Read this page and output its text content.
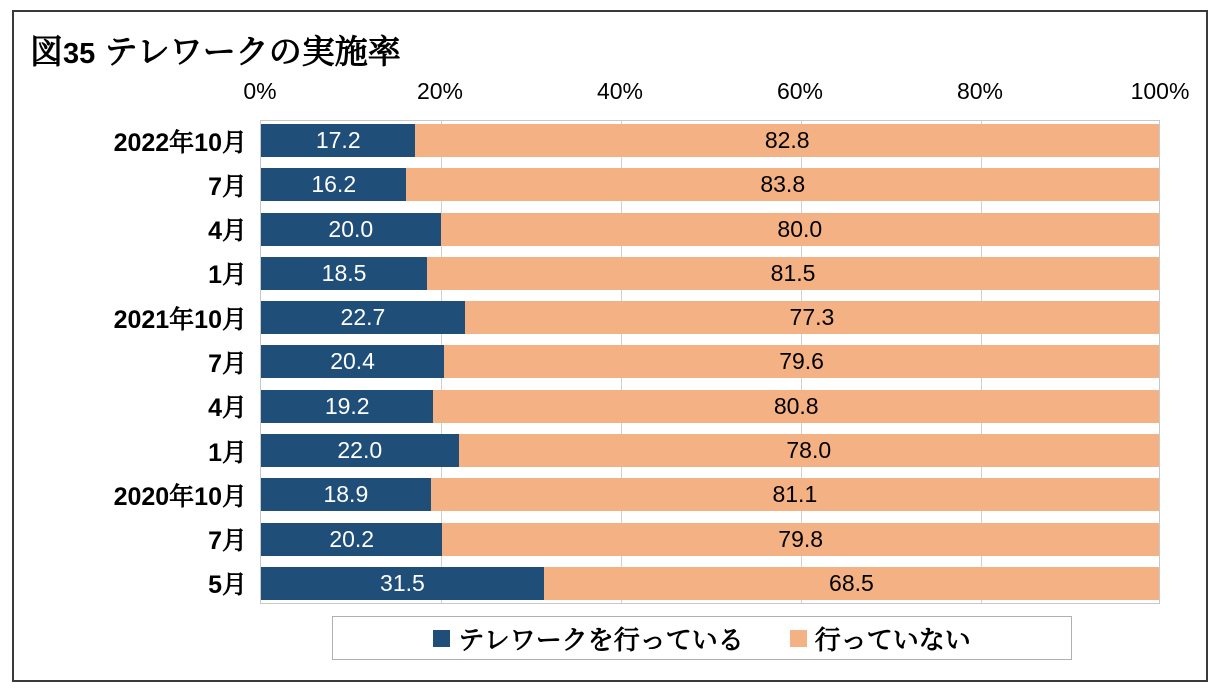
図35 テレワークの実施率
2022年10月	17.2	82.8
7月	16.2	83.8
4月	20.0	80.0
1月	18.5	81.5
2021年10月	22.7	77.3
7月	20.4	79.6
4月	19.2	80.8
1月	22.0	78.0
2020年10月	18.9	81.1
7月	20.2	79.8
5月	31.5	68.5
テレワークを行っている	行っていない
0%	20%	40%	60%	80%	100%
